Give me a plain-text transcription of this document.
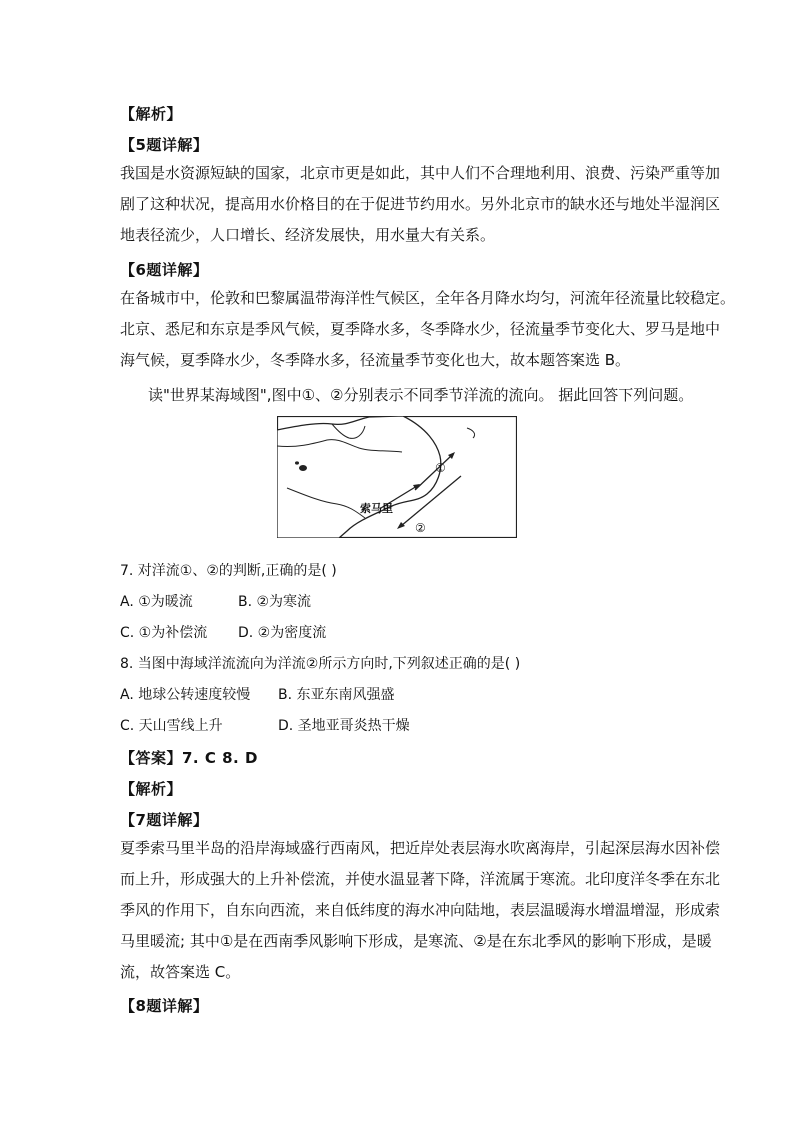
【解析】
【5题详解】
我国是水资源短缺的国家，北京市更是如此，其中人们不合理地利用、浪费、污染严重等加
剧了这种状况，提高用水价格目的在于促进节约用水。另外北京市的缺水还与地处半湿润区
地表径流少，人口增长、经济发展快，用水量大有关系。
【6题详解】
在备城市中，伦敦和巴黎属温带海洋性气候区，全年各月降水均匀，河流年径流量比较稳定。
北京、悉尼和东京是季风气候，夏季降水多，冬季降水少，径流量季节变化大、罗马是地中
海气候，夏季降水少，冬季降水多，径流量季节变化也大，故本题答案选 B。
读"世界某海域图",图中①、②分别表示不同季节洋流的流向。 据此回答下列问题。
索马里
①
②
7. 对洋流①、②的判断,正确的是( )
A. ①为暖流	B. ②为寒流
C. ①为补偿流 D. ②为密度流
8. 当图中海域洋流流向为洋流②所示方向时,下列叙述正确的是( )
A. 地球公转速度较慢 B. 东亚东南风强盛
C. 天山雪线上升	D. 圣地亚哥炎热干燥
【答案】7. C 8. D
【解析】
【7题详解】
夏季索马里半岛的沿岸海域盛行西南风，把近岸处表层海水吹离海岸，引起深层海水因补偿
而上升，形成强大的上升补偿流，并使水温显著下降，洋流属于寒流。北印度洋冬季在东北
季风的作用下，自东向西流，来自低纬度的海水冲向陆地，表层温暖海水增温增湿，形成索
马里暖流; 其中①是在西南季风影响下形成，是寒流、②是在东北季风的影响下形成，是暖
流，故答案选 C。
【8题详解】
